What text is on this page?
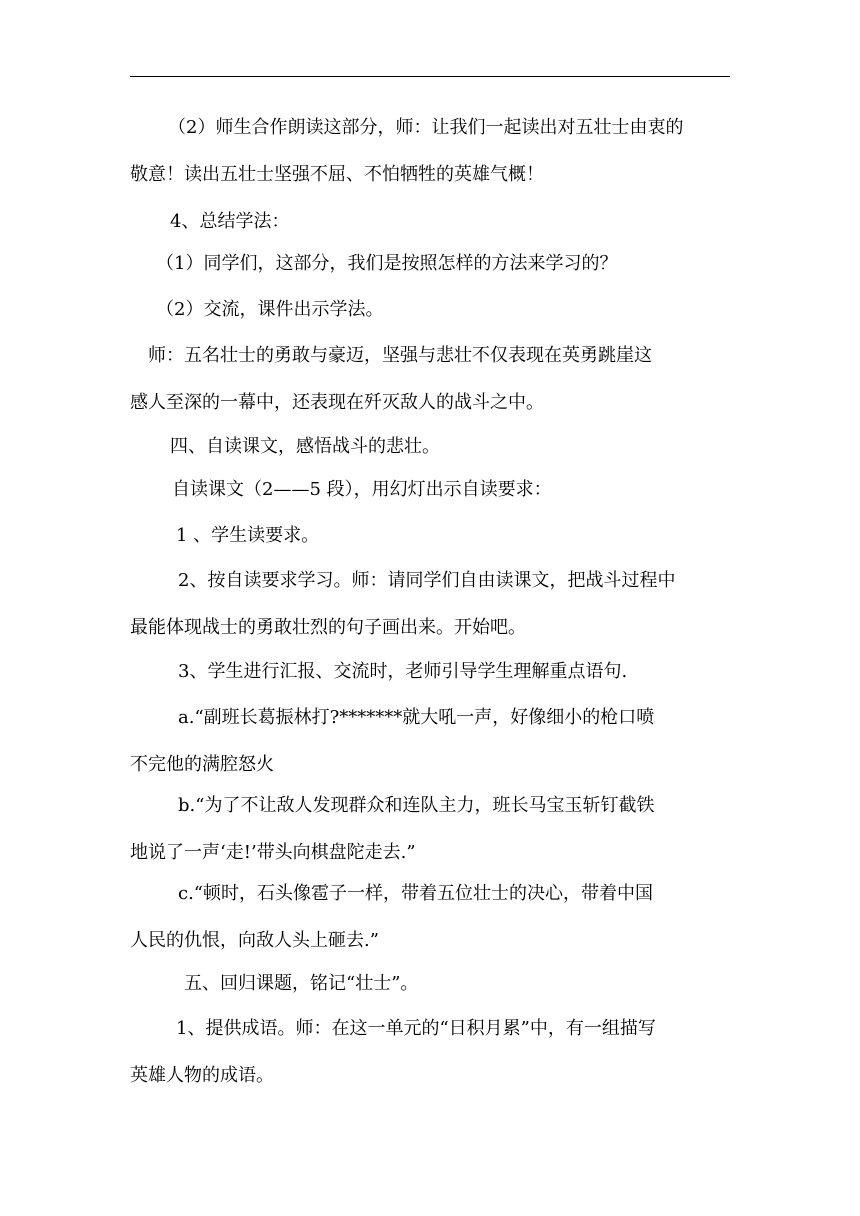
（2）师生合作朗读这部分，师：让我们一起读出对五壮士由衷的
敬意！读出五壮士坚强不屈、不怕牺牲的英雄气概！
4、总结学法：
（1）同学们，这部分，我们是按照怎样的方法来学习的？
（2）交流，课件出示学法。
师：五名壮士的勇敢与豪迈，坚强与悲壮不仅表现在英勇跳崖这
感人至深的一幕中，还表现在歼灭敌人的战斗之中。
四、自读课文，感悟战斗的悲壮。
自读课文（2——5 段），用幻灯出示自读要求：
1 、学生读要求。
2、按自读要求学习。师：请同学们自由读课文，把战斗过程中
最能体现战士的勇敢壮烈的句子画出来。开始吧。
3、学生进行汇报、交流时，老师引导学生理解重点语句.
a.“副班长葛振林打?*******就大吼一声，好像细小的枪口喷
不完他的满腔怒火
b.“为了不让敌人发现群众和连队主力，班长马宝玉斩钉截铁
地说了一声‘走!’带头向棋盘陀走去.”
c.“顿时，石头像雹子一样，带着五位壮士的决心，带着中国
人民的仇恨，向敌人头上砸去.”
五、回归课题，铭记“壮士”。
1、提供成语。师：在这一单元的“日积月累”中，有一组描写
英雄人物的成语。
